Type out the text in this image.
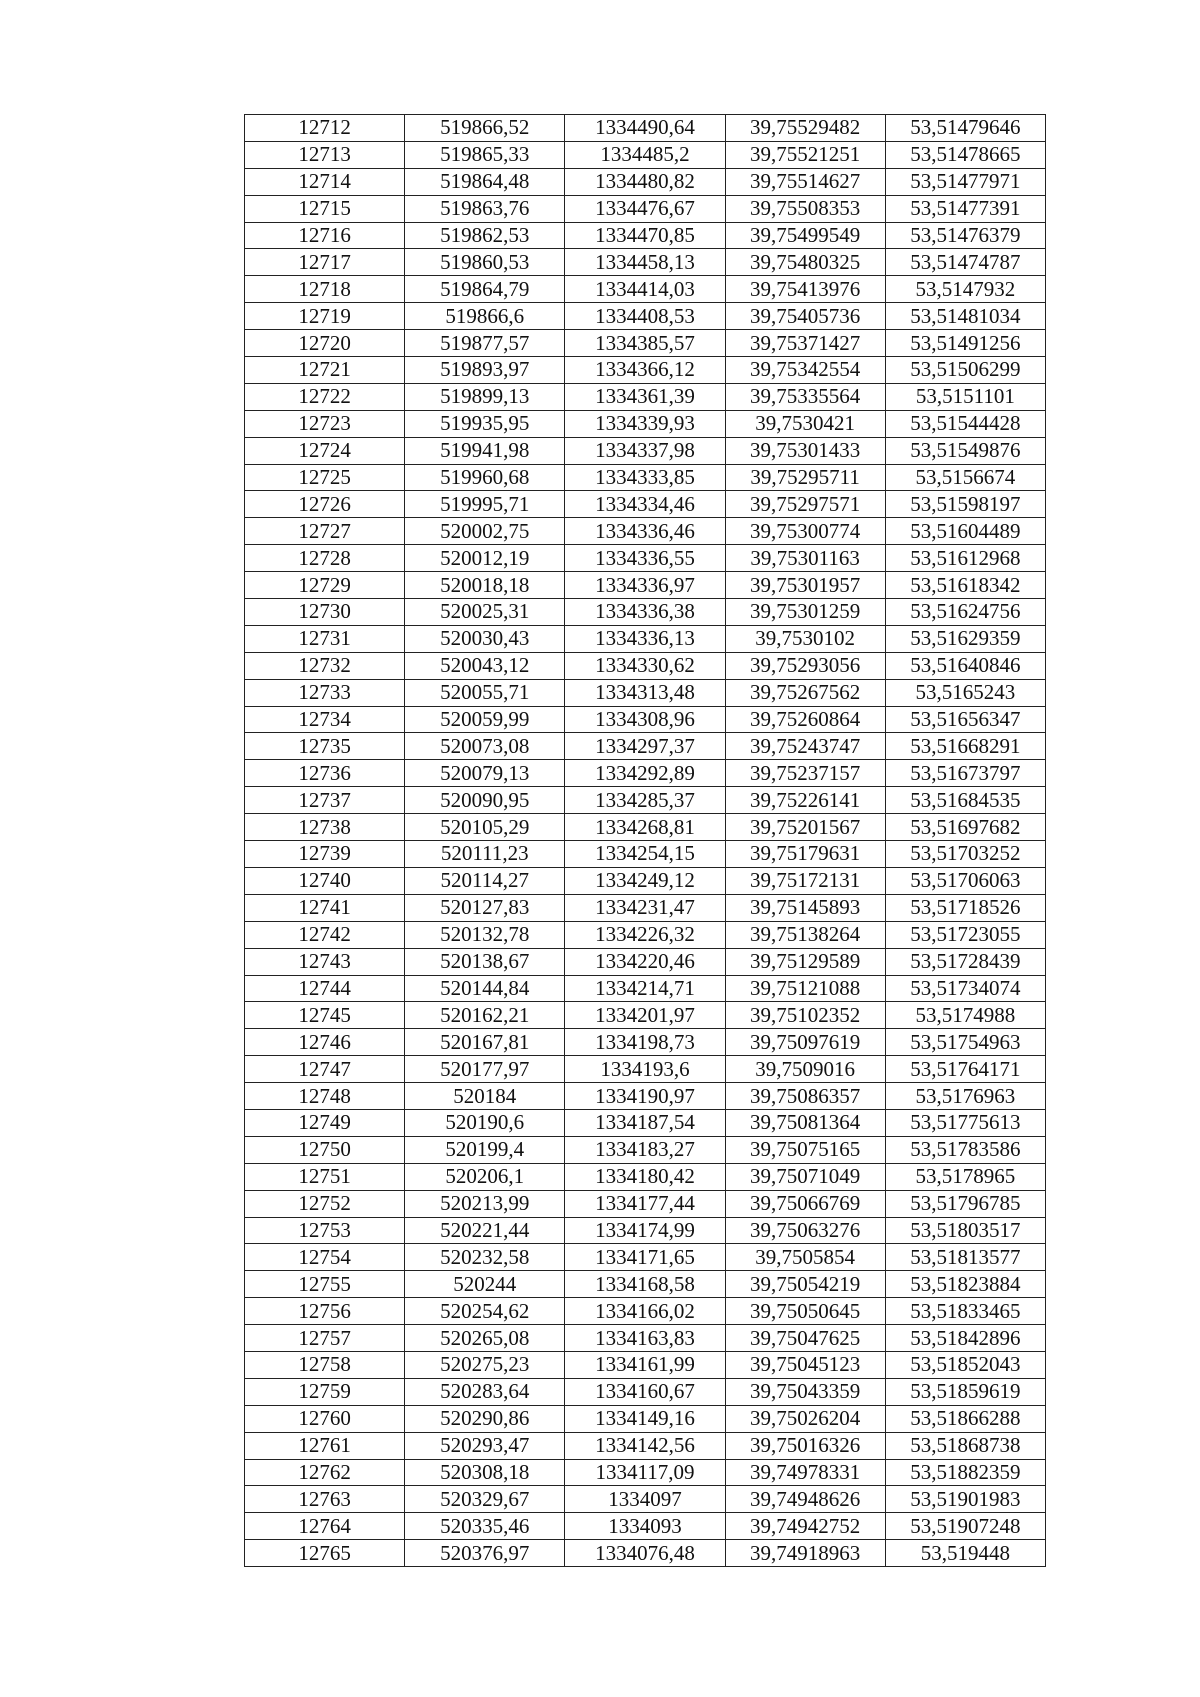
12712	519866,52	1334490,64	39,75529482	53,51479646
12713	519865,33	1334485,2	39,75521251	53,51478665
12714	519864,48	1334480,82	39,75514627	53,51477971
12715	519863,76	1334476,67	39,75508353	53,51477391
12716	519862,53	1334470,85	39,75499549	53,51476379
12717	519860,53	1334458,13	39,75480325	53,51474787
12718	519864,79	1334414,03	39,75413976	53,5147932
12719	519866,6	1334408,53	39,75405736	53,51481034
12720	519877,57	1334385,57	39,75371427	53,51491256
12721	519893,97	1334366,12	39,75342554	53,51506299
12722	519899,13	1334361,39	39,75335564	53,5151101
12723	519935,95	1334339,93	39,7530421	53,51544428
12724	519941,98	1334337,98	39,75301433	53,51549876
12725	519960,68	1334333,85	39,75295711	53,5156674
12726	519995,71	1334334,46	39,75297571	53,51598197
12727	520002,75	1334336,46	39,75300774	53,51604489
12728	520012,19	1334336,55	39,75301163	53,51612968
12729	520018,18	1334336,97	39,75301957	53,51618342
12730	520025,31	1334336,38	39,75301259	53,51624756
12731	520030,43	1334336,13	39,7530102	53,51629359
12732	520043,12	1334330,62	39,75293056	53,51640846
12733	520055,71	1334313,48	39,75267562	53,5165243
12734	520059,99	1334308,96	39,75260864	53,51656347
12735	520073,08	1334297,37	39,75243747	53,51668291
12736	520079,13	1334292,89	39,75237157	53,51673797
12737	520090,95	1334285,37	39,75226141	53,51684535
12738	520105,29	1334268,81	39,75201567	53,51697682
12739	520111,23	1334254,15	39,75179631	53,51703252
12740	520114,27	1334249,12	39,75172131	53,51706063
12741	520127,83	1334231,47	39,75145893	53,51718526
12742	520132,78	1334226,32	39,75138264	53,51723055
12743	520138,67	1334220,46	39,75129589	53,51728439
12744	520144,84	1334214,71	39,75121088	53,51734074
12745	520162,21	1334201,97	39,75102352	53,5174988
12746	520167,81	1334198,73	39,75097619	53,51754963
12747	520177,97	1334193,6	39,7509016	53,51764171
12748	520184	1334190,97	39,75086357	53,5176963
12749	520190,6	1334187,54	39,75081364	53,51775613
12750	520199,4	1334183,27	39,75075165	53,51783586
12751	520206,1	1334180,42	39,75071049	53,5178965
12752	520213,99	1334177,44	39,75066769	53,51796785
12753	520221,44	1334174,99	39,75063276	53,51803517
12754	520232,58	1334171,65	39,7505854	53,51813577
12755	520244	1334168,58	39,75054219	53,51823884
12756	520254,62	1334166,02	39,75050645	53,51833465
12757	520265,08	1334163,83	39,75047625	53,51842896
12758	520275,23	1334161,99	39,75045123	53,51852043
12759	520283,64	1334160,67	39,75043359	53,51859619
12760	520290,86	1334149,16	39,75026204	53,51866288
12761	520293,47	1334142,56	39,75016326	53,51868738
12762	520308,18	1334117,09	39,74978331	53,51882359
12763	520329,67	1334097	39,74948626	53,51901983
12764	520335,46	1334093	39,74942752	53,51907248
12765	520376,97	1334076,48	39,74918963	53,519448
